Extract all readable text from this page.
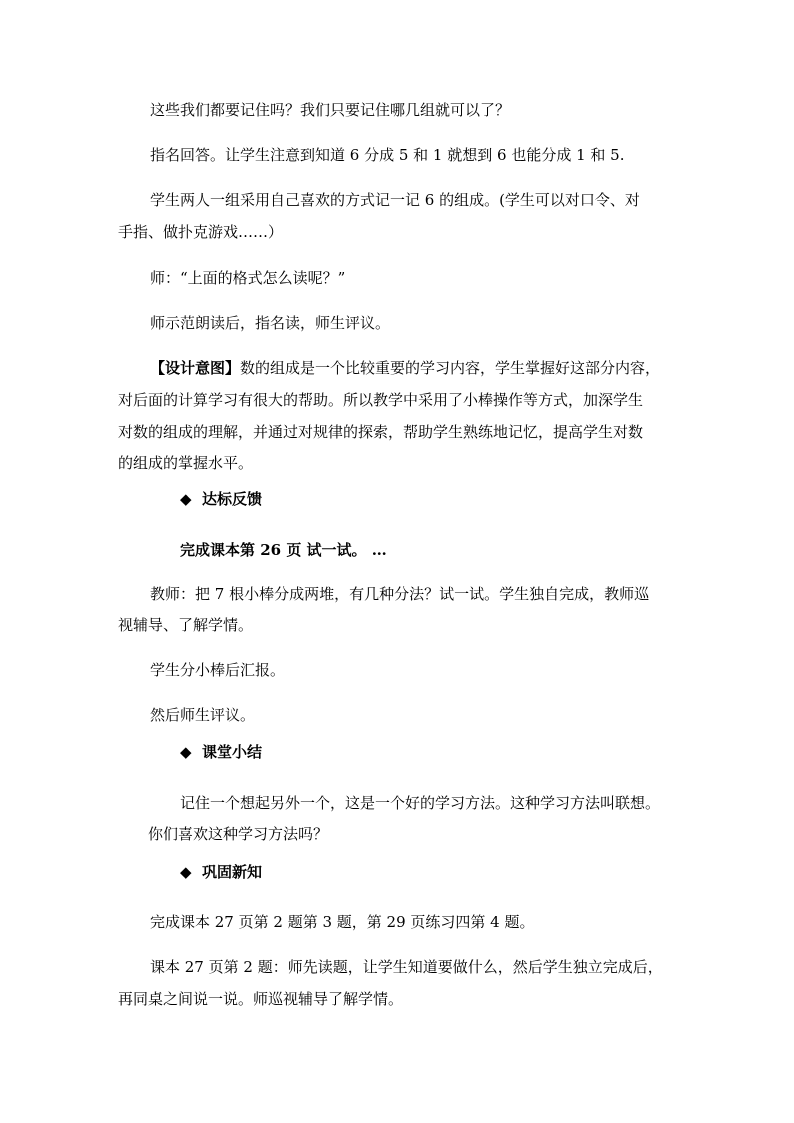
这些我们都要记住吗？我们只要记住哪几组就可以了？
指名回答。让学生注意到知道 6 分成 5 和 1 就想到 6 也能分成 1 和 5.
学生两人一组采用自己喜欢的方式记一记 6 的组成。(学生可以对口令、对
手指、做扑克游戏……）
师：“上面的格式怎么读呢？”
师示范朗读后，指名读，师生评议。
【设计意图】数的组成是一个比较重要的学习内容，学生掌握好这部分内容，
对后面的计算学习有很大的帮助。所以教学中采用了小棒操作等方式，加深学生
对数的组成的理解，并通过对规律的探索，帮助学生熟练地记忆，提高学生对数
的组成的掌握水平。
◆ 达标反馈
完成课本第 26 页 试一试。 …
教师：把 7 根小棒分成两堆，有几种分法？试一试。学生独自完成，教师巡
视辅导、了解学情。
学生分小棒后汇报。
然后师生评议。
◆ 课堂小结
记住一个想起另外一个，这是一个好的学习方法。这种学习方法叫联想。
你们喜欢这种学习方法吗？
◆ 巩固新知
完成课本 27 页第 2 题第 3 题，第 29 页练习四第 4 题。
课本 27 页第 2 题：师先读题，让学生知道要做什么，然后学生独立完成后，
再同桌之间说一说。师巡视辅导了解学情。
